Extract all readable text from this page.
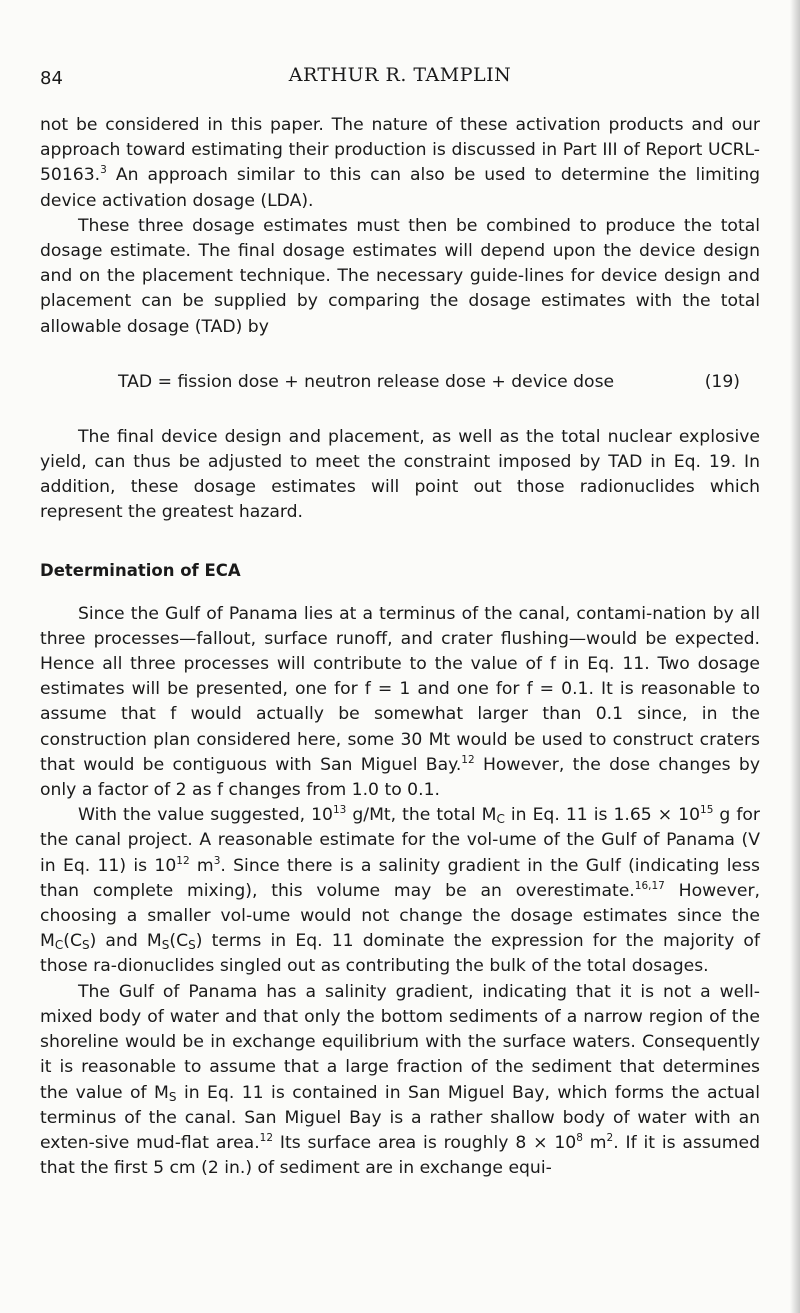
84	ARTHUR R. TAMPLIN

not be considered in this paper. The nature of these activation products and our approach toward estimating their production is discussed in Part III of Report UCRL-50163.$^3$ An approach similar to this can also be used to determine the limiting device activation dosage (LDA).

These three dosage estimates must then be combined to produce the total dosage estimate. The final dosage estimates will depend upon the device design and on the placement technique. The necessary guide-lines for device design and placement can be supplied by comparing the dosage estimates with the total allowable dosage (TAD) by

TAD = fission dose + neutron release dose + device dose	(19)

The final device design and placement, as well as the total nuclear explosive yield, can thus be adjusted to meet the constraint imposed by TAD in Eq. 19. In addition, these dosage estimates will point out those radionuclides which represent the greatest hazard.

Determination of ECA

Since the Gulf of Panama lies at a terminus of the canal, contami-nation by all three processes—fallout, surface runoff, and crater flushing—would be expected. Hence all three processes will contribute to the value of f in Eq. 11. Two dosage estimates will be presented, one for f = 1 and one for f = 0.1. It is reasonable to assume that f would actually be somewhat larger than 0.1 since, in the construction plan considered here, some 30 Mt would be used to construct craters that would be contiguous with San Miguel Bay.$^{12}$ However, the dose changes by only a factor of 2 as f changes from 1.0 to 0.1.

With the value suggested, $10^{13}$ g/Mt, the total $M_C$ in Eq. 11 is $1.65 \times 10^{15}$ g for the canal project. A reasonable estimate for the vol-ume of the Gulf of Panama (V in Eq. 11) is $10^{12}$ $m^3$. Since there is a salinity gradient in the Gulf (indicating less than complete mixing), this volume may be an overestimate.$^{16,17}$ However, choosing a smaller vol-ume would not change the dosage estimates since the $M_C(C_S)$ and $M_S(C_S)$ terms in Eq. 11 dominate the expression for the majority of those ra-dionuclides singled out as contributing the bulk of the total dosages.

The Gulf of Panama has a salinity gradient, indicating that it is not a well-mixed body of water and that only the bottom sediments of a narrow region of the shoreline would be in exchange equilibrium with the surface waters. Consequently it is reasonable to assume that a large fraction of the sediment that determines the value of $M_S$ in Eq. 11 is contained in San Miguel Bay, which forms the actual terminus of the canal. San Miguel Bay is a rather shallow body of water with an exten-sive mud-flat area.$^{12}$ Its surface area is roughly $8 \times 10^8$ $m^2$. If it is assumed that the first 5 cm (2 in.) of sediment are in exchange equi-
